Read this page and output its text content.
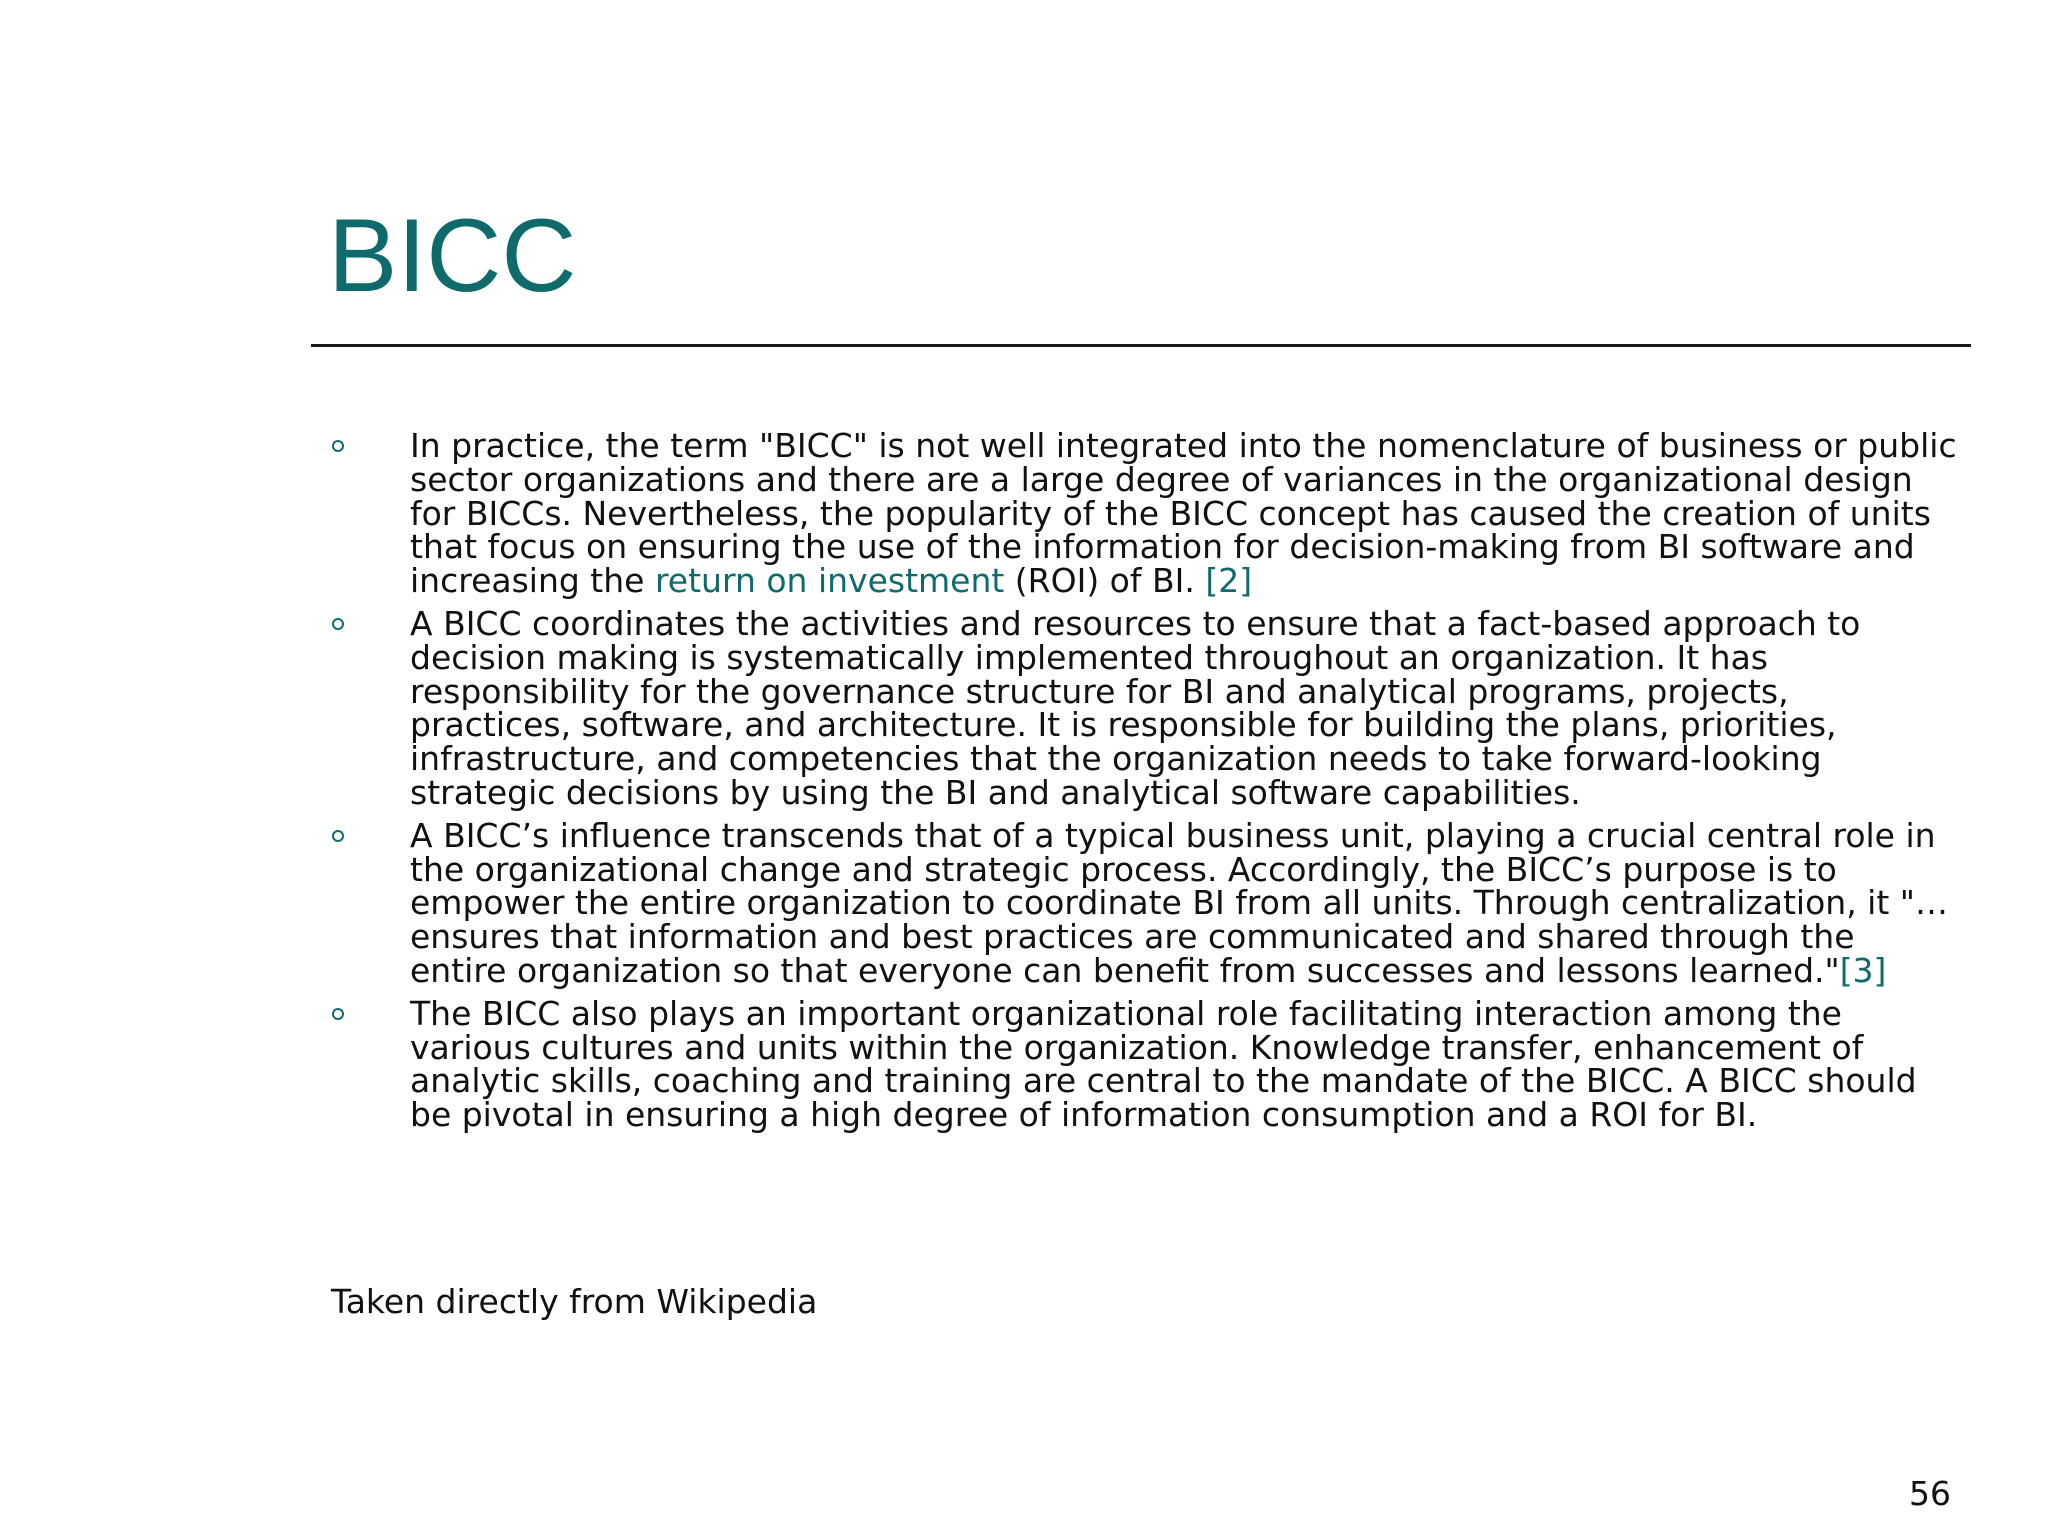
BICC
In practice, the term "BICC" is not well integrated into the nomenclature of business or public sector organizations and there are a large degree of variances in the organizational design for BICCs. Nevertheless, the popularity of the BICC concept has caused the creation of units that focus on ensuring the use of the information for decision-making from BI software and increasing the return on investment (ROI) of BI. [2]
A BICC coordinates the activities and resources to ensure that a fact-based approach to decision making is systematically implemented throughout an organization. It has responsibility for the governance structure for BI and analytical programs, projects, practices, software, and architecture. It is responsible for building the plans, priorities, infrastructure, and competencies that the organization needs to take forward-looking strategic decisions by using the BI and analytical software capabilities.
A BICC’s influence transcends that of a typical business unit, playing a crucial central role in the organizational change and strategic process. Accordingly, the BICC’s purpose is to empower the entire organization to coordinate BI from all units. Through centralization, it "…ensures that information and best practices are communicated and shared through the entire organization so that everyone can benefit from successes and lessons learned."[3]
The BICC also plays an important organizational role facilitating interaction among the various cultures and units within the organization. Knowledge transfer, enhancement of analytic skills, coaching and training are central to the mandate of the BICC. A BICC should be pivotal in ensuring a high degree of information consumption and a ROI for BI.
Taken directly from Wikipedia
56
